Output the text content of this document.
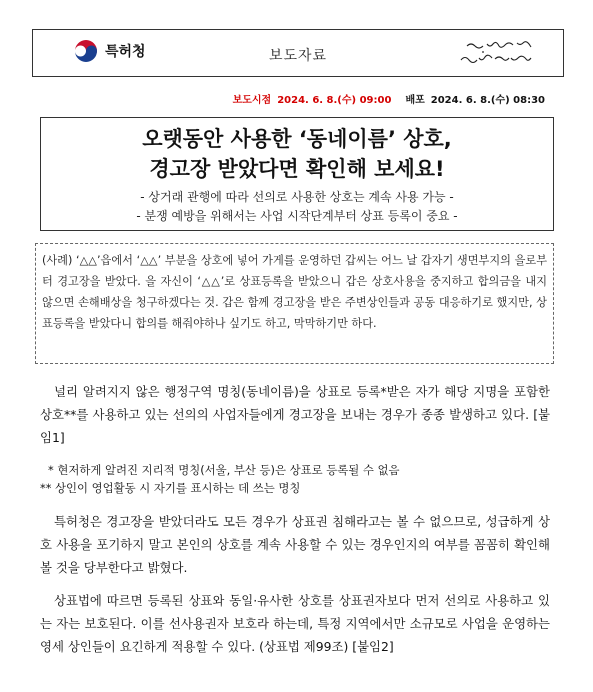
특허청	보도자료
보도시점 2024. 6. 8.(수) 09:00 배포 2024. 6. 8.(수) 08:30
오랫동안 사용한 ‘동네이름’ 상호,
경고장 받았다면 확인해 보세요!
- 상거래 관행에 따라 선의로 사용한 상호는 계속 사용 가능 -
- 분쟁 예방을 위해서는 사업 시작단계부터 상표 등록이 중요 -
(사례) ‘△△’읍에서 ‘△△’ 부분을 상호에 넣어 가게를 운영하던 갑씨는 어느 날 갑자기 생면부지의 을로부터 경고장을 받았다. 을 자신이 ‘△△’로 상표등록을 받았으니 갑은 상호사용을 중지하고 합의금을 내지 않으면 손해배상을 청구하겠다는 것. 갑은 함께 경고장을 받은 주변상인들과 공동 대응하기로 했지만, 상표등록을 받았다니 합의를 해줘야하나 싶기도 하고, 막막하기만 하다.
널리 알려지지 않은 행정구역 명칭(동네이름)을 상표로 등록*받은 자가 해당 지명을 포함한 상호**를 사용하고 있는 선의의 사업자들에게 경고장을 보내는 경우가 종종 발생하고 있다. [붙임1]
* 현저하게 알려진 지리적 명칭(서울, 부산 등)은 상표로 등록될 수 없음
** 상인이 영업활동 시 자기를 표시하는 데 쓰는 명칭
특허청은 경고장을 받았더라도 모든 경우가 상표권 침해라고는 볼 수 없으므로, 성급하게 상호 사용을 포기하지 말고 본인의 상호를 계속 사용할 수 있는 경우인지의 여부를 꼼꼼히 확인해볼 것을 당부한다고 밝혔다.
상표법에 따르면 등록된 상표와 동일·유사한 상호를 상표권자보다 먼저 선의로 사용하고 있는 자는 보호된다. 이를 선사용권자 보호라 하는데, 특정 지역에서만 소규모로 사업을 운영하는 영세 상인들이 요긴하게 적용할 수 있다. (상표법 제99조) [붙임2]
